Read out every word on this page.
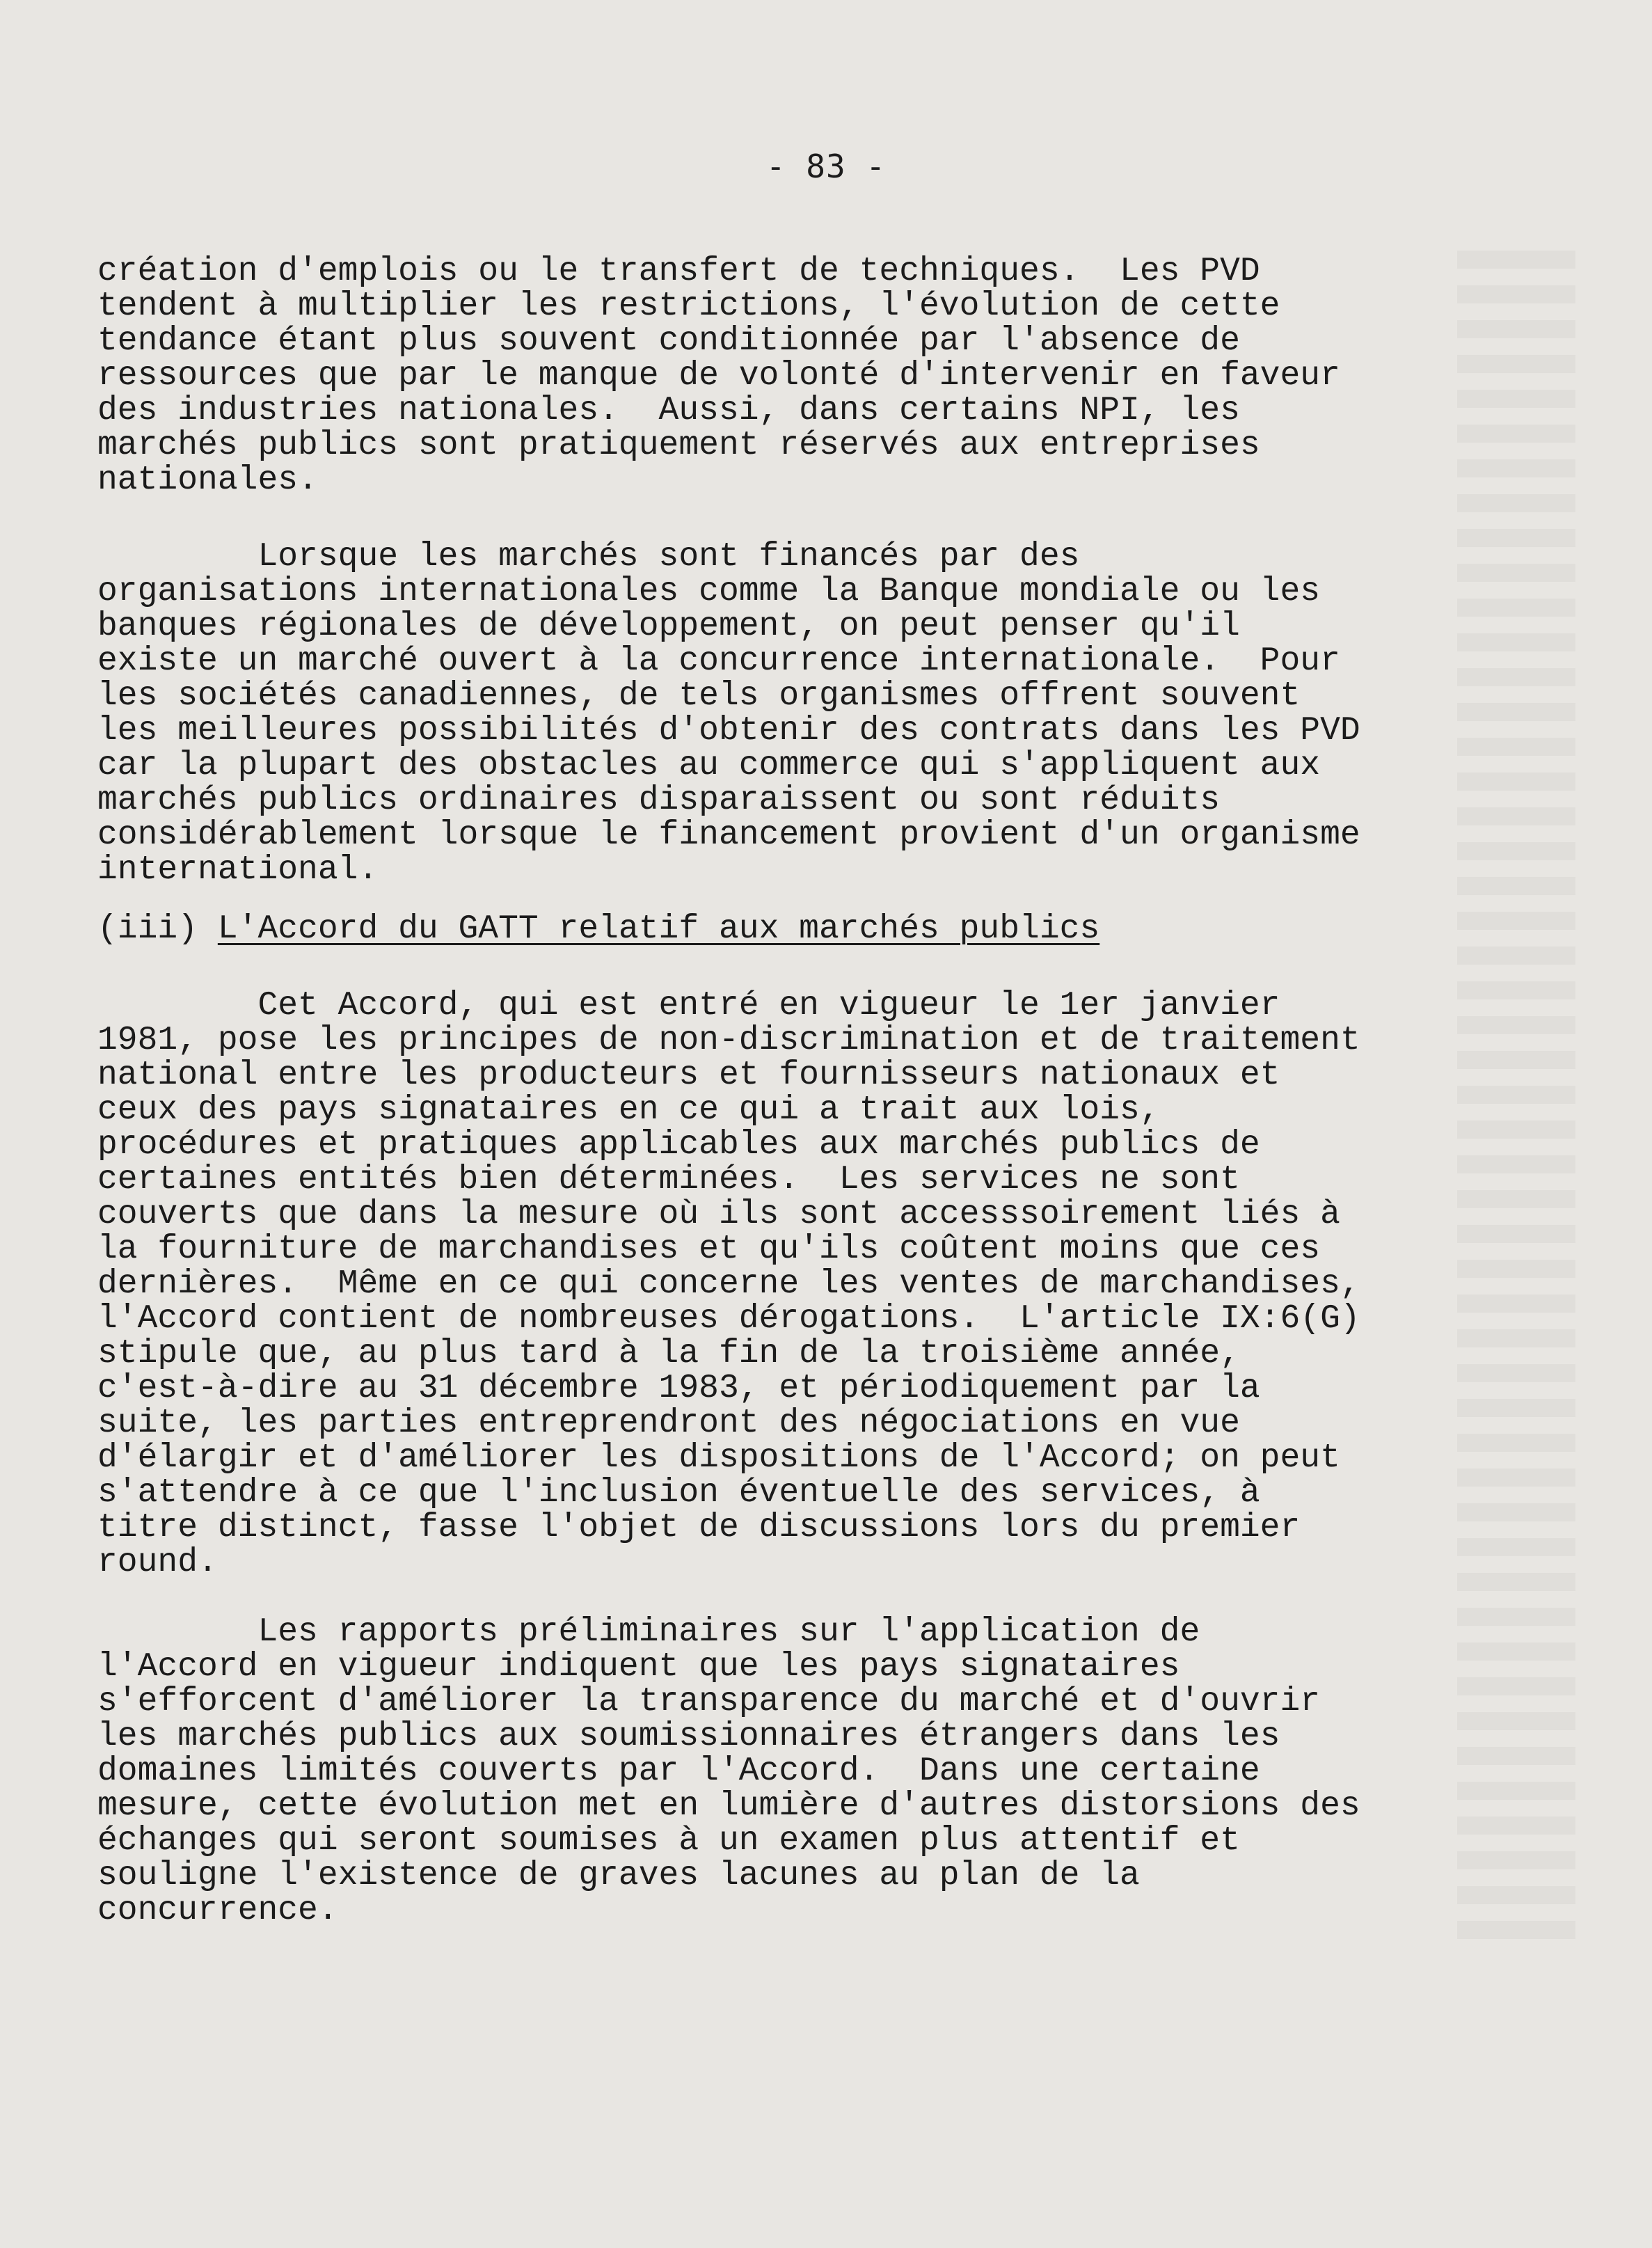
- 83 -
création d'emplois ou le transfert de techniques.  Les PVD
tendent à multiplier les restrictions, l'évolution de cette
tendance étant plus souvent conditionnée par l'absence de
ressources que par le manque de volonté d'intervenir en faveur
des industries nationales.  Aussi, dans certains NPI, les
marchés publics sont pratiquement réservés aux entreprises
nationales.
Lorsque les marchés sont financés par des
organisations internationales comme la Banque mondiale ou les
banques régionales de développement, on peut penser qu'il
existe un marché ouvert à la concurrence internationale.  Pour
les sociétés canadiennes, de tels organismes offrent souvent
les meilleures possibilités d'obtenir des contrats dans les PVD
car la plupart des obstacles au commerce qui s'appliquent aux
marchés publics ordinaires disparaissent ou sont réduits
considérablement lorsque le financement provient d'un organisme
international.
(iii) L'Accord du GATT relatif aux marchés publics
Cet Accord, qui est entré en vigueur le 1er janvier
1981, pose les principes de non-discrimination et de traitement
national entre les producteurs et fournisseurs nationaux et
ceux des pays signataires en ce qui a trait aux lois,
procédures et pratiques applicables aux marchés publics de
certaines entités bien déterminées.  Les services ne sont
couverts que dans la mesure où ils sont accesssoirement liés à
la fourniture de marchandises et qu'ils coûtent moins que ces
dernières.  Même en ce qui concerne les ventes de marchandises,
l'Accord contient de nombreuses dérogations.  L'article IX:6(G)
stipule que, au plus tard à la fin de la troisième année,
c'est-à-dire au 31 décembre 1983, et périodiquement par la
suite, les parties entreprendront des négociations en vue
d'élargir et d'améliorer les dispositions de l'Accord; on peut
s'attendre à ce que l'inclusion éventuelle des services, à
titre distinct, fasse l'objet de discussions lors du premier
round.
Les rapports préliminaires sur l'application de
l'Accord en vigueur indiquent que les pays signataires
s'efforcent d'améliorer la transparence du marché et d'ouvrir
les marchés publics aux soumissionnaires étrangers dans les
domaines limités couverts par l'Accord.  Dans une certaine
mesure, cette évolution met en lumière d'autres distorsions des
échanges qui seront soumises à un examen plus attentif et
souligne l'existence de graves lacunes au plan de la
concurrence.
